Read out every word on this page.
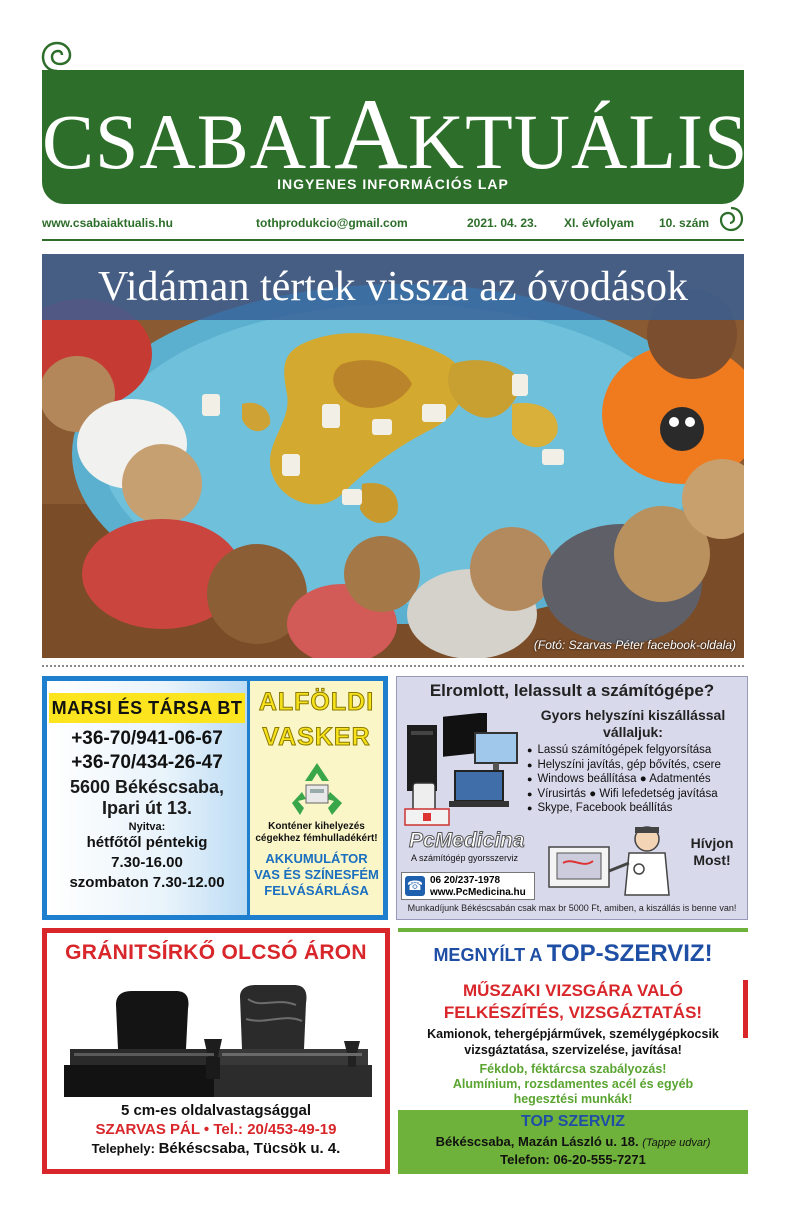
CSABAIAKTUÁLIS
INGYENES INFORMÁCIÓS LAP
www.csabaiaktualis.hu	tothprodukcio@gmail.com	2021. 04. 23. XI. évfolyam 10. szám
Vidáman tértek vissza az óvodások
(Fotó: Szarvas Péter facebook-oldala)
MARSI ÉS TÁRSA BT
+36-70/941-06-67
+36-70/434-26-47
5600 Békéscsaba,
Ipari út 13.
Nyitva:
hétfőtől péntekig
7.30-16.00
szombaton 7.30-12.00
ALFÖLDI
VASKER
Konténer kihelyezés
cégekhez fémhulladékért!
AKKUMULÁTOR
VAS ÉS SZÍNESFÉM
FELVÁSÁRLÁSA
Elromlott, lelassult a számítógépe?
Gyors helyszíni kiszállással
vállaljuk:
● Lassú számítógépek felgyorsítása
● Helyszíni javítás, gép bővítés, csere
● Windows beállítása ● Adatmentés
● Vírusirtás ● Wifi lefedetség javítása
● Skype, Facebook beállítás
PcMedicina
A számítógép gyorsszerviz
Hívjon
Most!
☎ 06 20/237-1978
www.PcMedicina.hu
Munkadíjunk Békéscsabán csak max br 5000 Ft, amiben, a kiszállás is benne van!
GRÁNITSÍRKŐ OLCSÓ ÁRON
5 cm-es oldalvastagsággal
SZARVAS PÁL • Tel.: 20/453-49-19
Telephely: Békéscsaba, Tücsök u. 4.
MEGNYÍLT A TOP-SZERVIZ!
MŰSZAKI VIZSGÁRA VALÓ
FELKÉSZÍTÉS, VIZSGÁZTATÁS!
Kamionok, tehergépjárművek, személygépkocsik
vizsgáztatása, szervizelése, javítása!
Fékdob, féktárcsa szabályozás!
Alumínium, rozsdamentes acél és egyéb
hegesztési munkák!
TOP SZERVIZ
Békéscsaba, Mazán László u. 18. (Tappe udvar)
Telefon: 06-20-555-7271
